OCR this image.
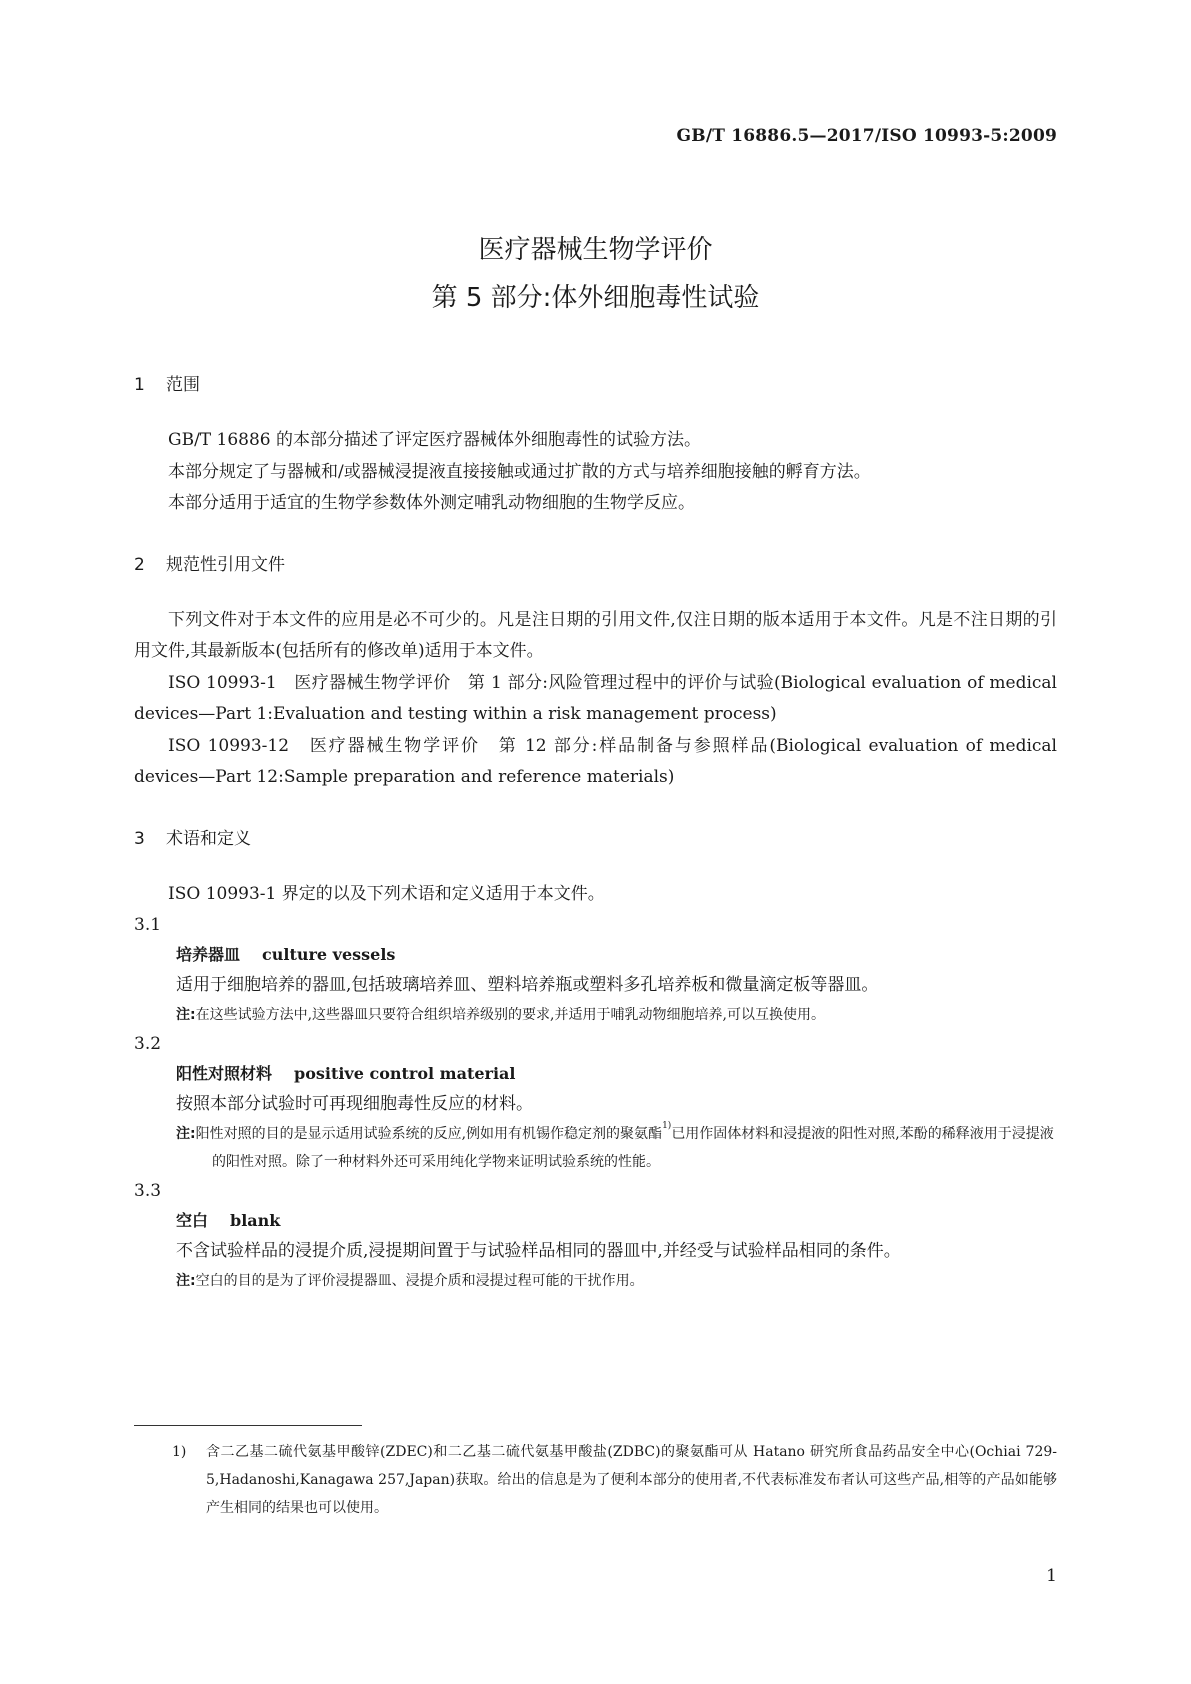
GB/T 16886.5—2017/ISO 10993-5:2009
医疗器械生物学评价
第 5 部分:体外细胞毒性试验
1 范围

GB/T 16886 的本部分描述了评定医疗器械体外细胞毒性的试验方法。

本部分规定了与器械和/或器械浸提液直接接触或通过扩散的方式与培养细胞接触的孵育方法。

本部分适用于适宜的生物学参数体外测定哺乳动物细胞的生物学反应。

2 规范性引用文件

下列文件对于本文件的应用是必不可少的。凡是注日期的引用文件,仅注日期的版本适用于本文件。凡是不注日期的引用文件,其最新版本(包括所有的修改单)适用于本文件。

ISO 10993-1　医疗器械生物学评价　第 1 部分:风险管理过程中的评价与试验(Biological evaluation of medical devices—Part 1:Evaluation and testing within a risk management process)

ISO 10993-12　医疗器械生物学评价　第 12 部分:样品制备与参照样品(Biological evaluation of medical devices—Part 12:Sample preparation and reference materials)

3 术语和定义

ISO 10993-1 界定的以及下列术语和定义适用于本文件。

3.1
培养器皿 culture vessels
适用于细胞培养的器皿,包括玻璃培养皿、塑料培养瓶或塑料多孔培养板和微量滴定板等器皿。
注:在这些试验方法中,这些器皿只要符合组织培养级别的要求,并适用于哺乳动物细胞培养,可以互换使用。
3.2
阳性对照材料 positive control material
按照本部分试验时可再现细胞毒性反应的材料。
注:阳性对照的目的是显示适用试验系统的反应,例如用有机锡作稳定剂的聚氨酯$^{1)}$已用作固体材料和浸提液的阳性对照,苯酚的稀释液用于浸提液的阳性对照。除了一种材料外还可采用纯化学物来证明试验系统的性能。
3.3
空白 blank
不含试验样品的浸提介质,浸提期间置于与试验样品相同的器皿中,并经受与试验样品相同的条件。
注:空白的目的是为了评价浸提器皿、浸提介质和浸提过程可能的干扰作用。
1) 含二乙基二硫代氨基甲酸锌(ZDEC)和二乙基二硫代氨基甲酸盐(ZDBC)的聚氨酯可从 Hatano 研究所食品药品安全中心(Ochiai 729-5,Hadanoshi,Kanagawa 257,Japan)获取。给出的信息是为了便利本部分的使用者,不代表标准发布者认可这些产品,相等的产品如能够产生相同的结果也可以使用。
1
